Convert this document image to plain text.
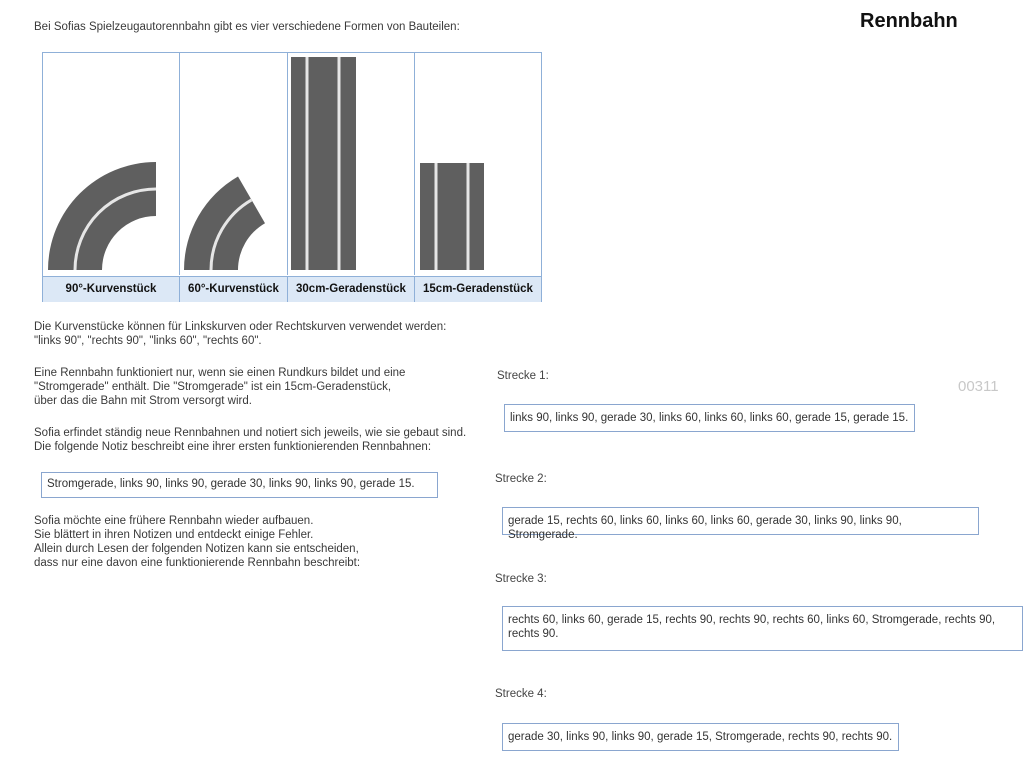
Rennbahn
00311
Bei Sofias Spielzeugautorennbahn gibt es vier verschiedene Formen von Bauteilen:
90°-Kurvenstück	60°-Kurvenstück	30cm-Geradenstück	15cm-Geradenstück
Die Kurvenstücke können für Linkskurven oder Rechtskurven verwendet werden:
"links 90", "rechts 90", "links 60", "rechts 60".
Eine Rennbahn funktioniert nur, wenn sie einen Rundkurs bildet und eine
"Stromgerade" enthält. Die "Stromgerade" ist ein 15cm-Geradenstück,
über das die Bahn mit Strom versorgt wird.
Sofia erfindet ständig neue Rennbahnen und notiert sich jeweils, wie sie gebaut sind.
Die folgende Notiz beschreibt eine ihrer ersten funktionierenden Rennbahnen:
Stromgerade, links 90, links 90, gerade 30, links 90, links 90, gerade 15.
Sofia möchte eine frühere Rennbahn wieder aufbauen.
Sie blättert in ihren Notizen und entdeckt einige Fehler.
Allein durch Lesen der folgenden Notizen kann sie entscheiden,
dass nur eine davon eine funktionierende Rennbahn beschreibt:
Strecke 1:
links 90, links 90, gerade 30, links 60, links 60, links 60, gerade 15, gerade 15.
Strecke 2:
gerade 15, rechts 60, links 60, links 60, links 60, gerade 30, links 90, links 90, Stromgerade.
Strecke 3:
rechts 60, links 60, gerade 15, rechts 90, rechts 90, rechts 60, links 60, Stromgerade, rechts 90, rechts 90.
Strecke 4:
gerade 30, links 90, links 90, gerade 15, Stromgerade, rechts 90, rechts 90.
